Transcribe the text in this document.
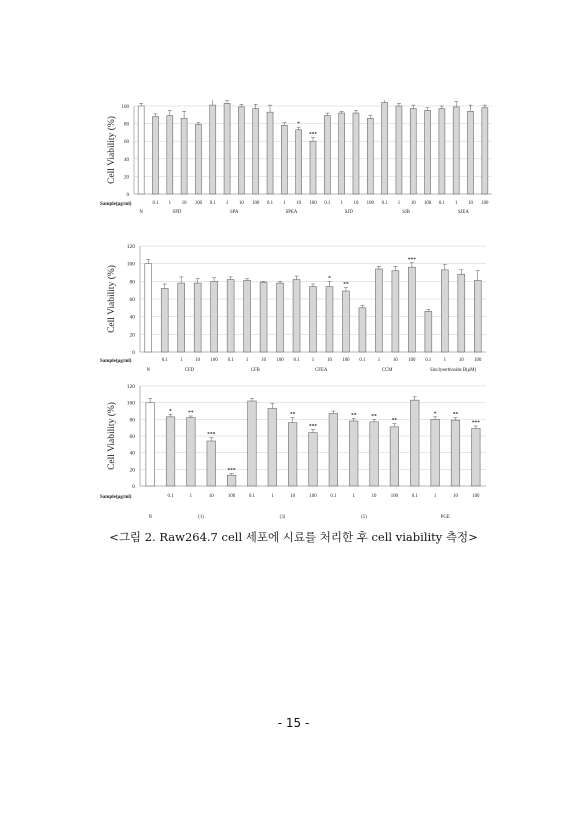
0
20
40
60
80
100
Cell Viability (%)
Sample(μg/ml)
N
0.1 1 10 100
SPD
0.1 1 10 100
SPA
0.1 1
*
10
***
100
SPEA
0.1 1 10 100
SJD
0.1 1 10 100
SJB
0.1 1 10 100
SJEA
0
20
40
60
80
100
120
Cell Viability (%)
Sample(μg/ml)
N
0.1	1	10 100
CFD
0.1	1	10 100
CFB
0.1	1
*
10
**
100
CFEA
0.1	1	10
***
100
CCM
0.1	1	10 100
Sinclyserthoside B(μM)
0
20
40
60
80
100
120
Cell Viability (%)
Sample(μg/ml)
N
*
0.1
**
1
***
10
***
100
(1)
0.1	1
**
10
***
100
(3)
0.1
**
1
**
10
**
100
(5)
0.1
*
1
**
10
***
100
PGE
<그림 2. Raw264.7 cell 세포에 시료를 처리한 후 cell viability 측정>
- 15 -
